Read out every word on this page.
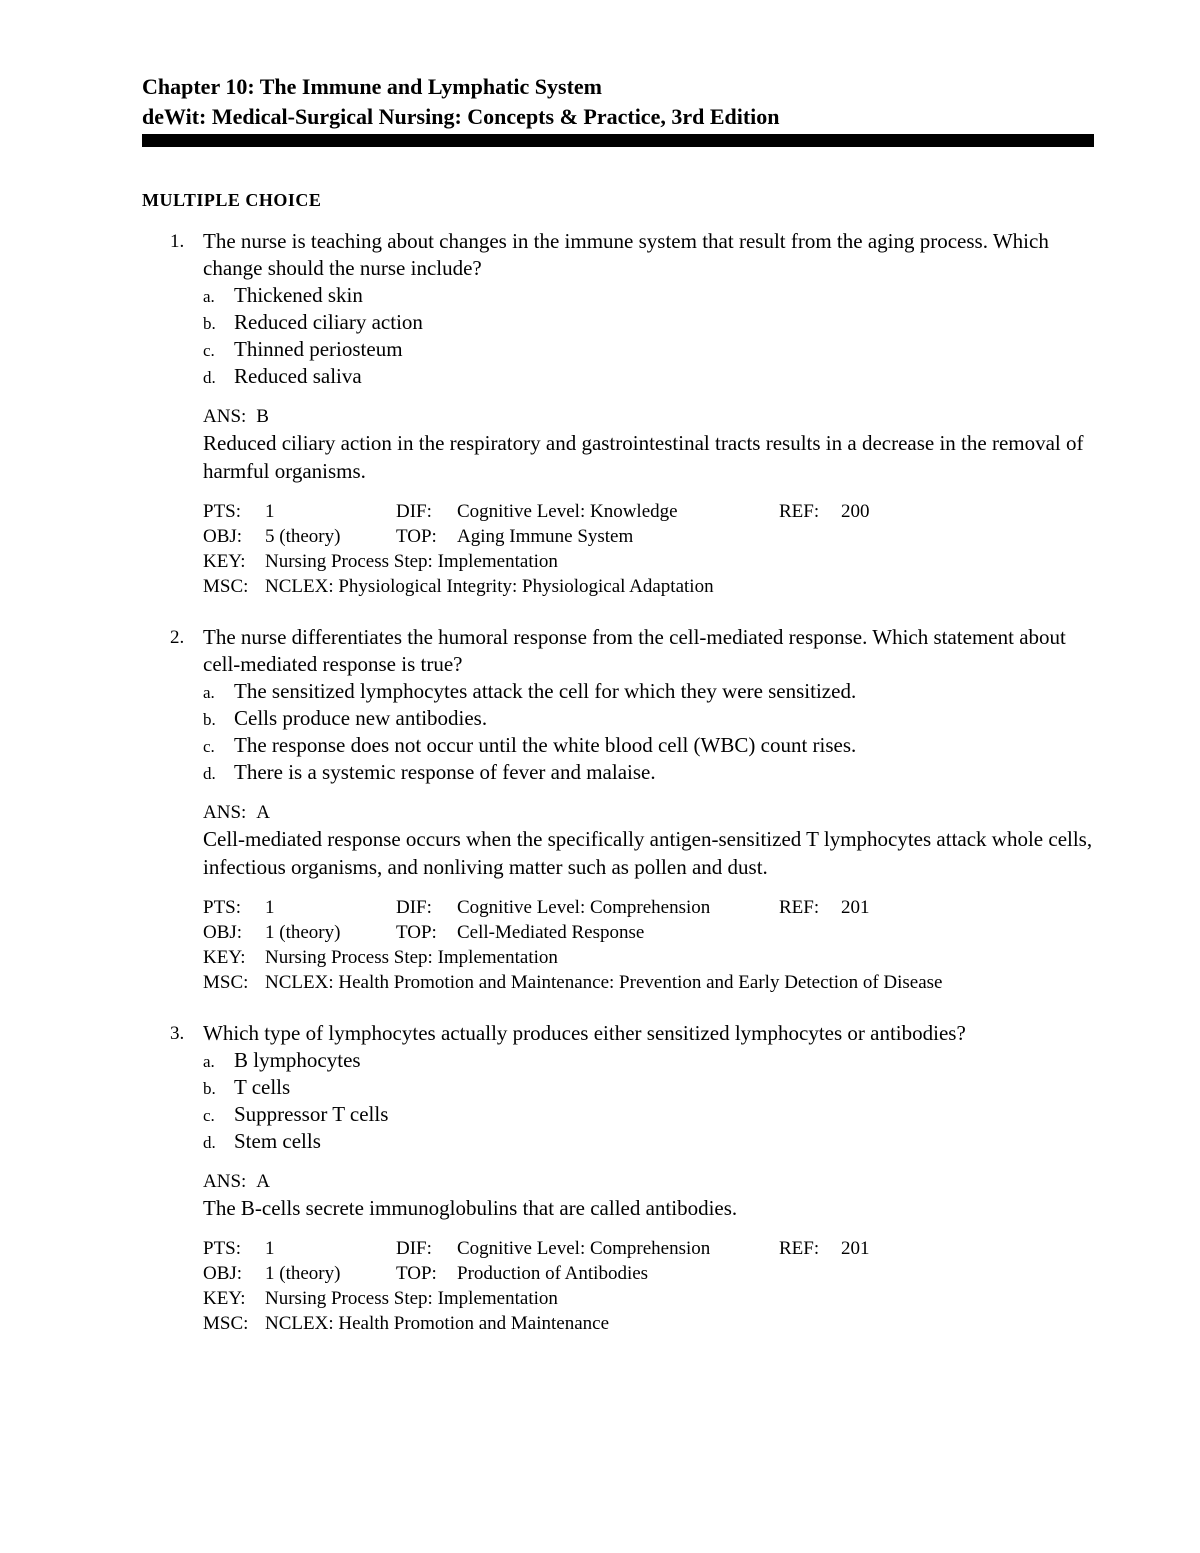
Chapter 10: The Immune and Lymphatic System
deWit: Medical-Surgical Nursing: Concepts & Practice, 3rd Edition
MULTIPLE CHOICE
1. The nurse is teaching about changes in the immune system that result from the aging process. Which change should the nurse include?
a. Thickened skin
b. Reduced ciliary action
c. Thinned periosteum
d. Reduced saliva
ANS: B
Reduced ciliary action in the respiratory and gastrointestinal tracts results in a decrease in the removal of harmful organisms.
PTS: 1	DIF: Cognitive Level: Knowledge	REF: 200
OBJ: 5 (theory)	TOP: Aging Immune System
KEY: Nursing Process Step: Implementation
MSC: NCLEX: Physiological Integrity: Physiological Adaptation
2. The nurse differentiates the humoral response from the cell-mediated response. Which statement about cell-mediated response is true?
a. The sensitized lymphocytes attack the cell for which they were sensitized.
b. Cells produce new antibodies.
c. The response does not occur until the white blood cell (WBC) count rises.
d. There is a systemic response of fever and malaise.
ANS: A
Cell-mediated response occurs when the specifically antigen-sensitized T lymphocytes attack whole cells, infectious organisms, and nonliving matter such as pollen and dust.
PTS: 1	DIF: Cognitive Level: Comprehension	REF: 201
OBJ: 1 (theory)	TOP: Cell-Mediated Response
KEY: Nursing Process Step: Implementation
MSC: NCLEX: Health Promotion and Maintenance: Prevention and Early Detection of Disease
3. Which type of lymphocytes actually produces either sensitized lymphocytes or antibodies?
a. B lymphocytes
b. T cells
c. Suppressor T cells
d. Stem cells
ANS: A
The B-cells secrete immunoglobulins that are called antibodies.
PTS: 1	DIF: Cognitive Level: Comprehension	REF: 201
OBJ: 1 (theory)	TOP: Production of Antibodies
KEY: Nursing Process Step: Implementation
MSC: NCLEX: Health Promotion and Maintenance
